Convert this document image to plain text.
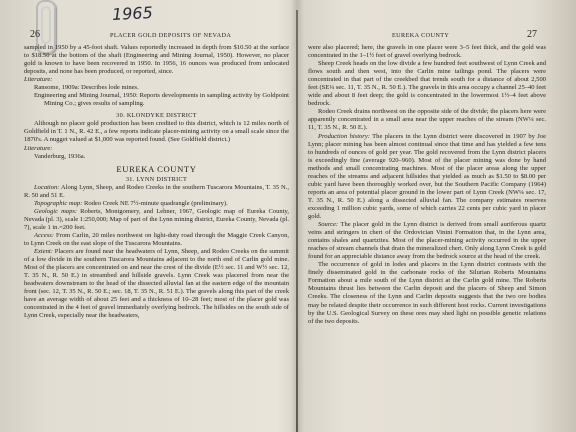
1965
26	PLACER GOLD DEPOSITS OF NEVADA	EUREKA COUNTY	27

sampled in 1950 by a 45-foot shaft. Values reportedly increased in depth from $10.50 at the surface to $18.50 at the bottom of the shaft (Engineering and Mining Journal, 1950). However, no placer gold is known to have been recovered in 1950. In 1956, 16 ounces was produced from unlocated deposits, and none has been produced, or reported, since.

Literature:

Ransome, 1909a: Describes lode mines.

Engineering and Mining Journal, 1950: Reports developments in sampling activity by Goldpoint Mining Co.; gives results of sampling.

30. KLONDYKE DISTRICT

Although no placer gold production has been credited to this district, which is 12 miles north of Goldfield in T. 1 N., R. 42 E., a few reports indicate placer-mining activity on a small scale since the 1870's. A nugget valued at $1,000 was reported found. (See Goldfield district.)

Literature:

Vanderburg, 1936a.

EUREKA COUNTY
31. LYNN DISTRICT

Location: Along Lynn, Sheep, and Rodeo Creeks in the southern Tuscarora Mountains, T. 35 N., R. 50 and 51 E.

Topographic map: Rodeo Creek NE 7½-minute quadrangle (preliminary).

Geologic maps: Roberts, Montgomery, and Lehner, 1967, Geologic map of Eureka County, Nevada (pl. 3), scale 1:250,000; Map of part of the Lynn mining district, Eureka County, Nevada (pl. 7), scale 1 in.=200 feet.

Access: From Carlin, 20 miles northwest on light-duty road through the Maggie Creek Canyon, to Lynn Creek on the east slope of the Tuscarora Mountains.

Extent: Placers are found near the headwaters of Lynn, Sheep, and Rodeo Creeks on the summit of a low divide in the southern Tuscarora Mountains adjacent to the north end of Carlin gold mine. Most of the placers are concentrated on and near the crest of the divide (E½ sec. 11 and W½ sec. 12, T. 35 N., R. 50 E.) in streambed and hillside gravels. Lynn Creek was placered from near the headwaters downstream to the head of the dissected alluvial fan at the eastern edge of the mountain front (sec. 12, T. 35 N., R. 50 E.; sec. 18, T. 35 N., R. 51 E.). The gravels along this part of the creek have an average width of about 25 feet and a thickness of 10–28 feet; most of the placer gold was concentrated in the 4 feet of gravel immediately overlying bedrock. The hillsides on the south side of Lynn Creek, especially near the headwaters,

were also placered; here, the gravels in one placer were 3–5 feet thick, and the gold was concentrated in the 1–1½ feet of gravel overlying bedrock.

Sheep Creek heads on the low divide a few hundred feet southwest of Lynn Creek and flows south and then west, into the Carlin mine tailings pond. The placers were concentrated in that part of the creekbed that trends south for a distance of about 2,500 feet (SE¼ sec. 11, T. 35 N., R. 50 E.). The gravels in this area occupy a channel 25–40 feet wide and about 8 feet deep; the gold is concentrated in the lowermost 1½–4 feet above bedrock.

Rodeo Creek drains northwest on the opposite side of the divide; the placers here were apparently concentrated in a small area near the upper reaches of the stream (NW¼ sec. 11, T. 35 N., R. 50 E.).

Production history: The placers in the Lynn district were discovered in 1907 by Joe Lynn; placer mining has been almost continual since that time and has yielded a few tens to hundreds of ounces of gold per year. The gold recovered from the Lynn district placers is exceedingly fine (average 920–960). Most of the placer mining was done by hand methods and small concentrating machines. Most of the placer areas along the upper reaches of the streams and adjacent hillsides that yielded as much as $1.50 to $8.00 per cubic yard have been thoroughly worked over, but the Southern Pacific Company (1964) reports an area of potential placer ground in the lower part of Lynn Creek (NW¼ sec. 17, T. 35 N., R. 50 E.) along a dissected alluvial fan. The company estimates reserves exceeding 1 million cubic yards, some of which carries 22 cents per cubic yard in placer gold.

Source: The placer gold in the Lynn district is derived from small auriferous quartz veins and stringers in chert of the Ordovician Vinini Formation that, in the Lynn area, contains shales and quartzites. Most of the placer-mining activity occurred in the upper reaches of stream channels that drain the mineralized chert. Only along Lynn Creek is gold found for an appreciable distance away from the bedrock source at the head of the creek.

The occurrence of gold in lodes and placers in the Lynn district contrasts with the finely disseminated gold in the carbonate rocks of the Silurian Roberts Mountains Formation about a mile south of the Lynn district at the Carlin gold mine. The Roberts Mountains thrust lies between the Carlin deposit and the placers of Sheep and Simon Creeks. The closeness of the Lynn and Carlin deposits suggests that the two ore bodies may be related despite their occurrence in such different host rocks. Current investigations by the U.S. Geological Survey on these ores may shed light on possible genetic relations of the two deposits.
